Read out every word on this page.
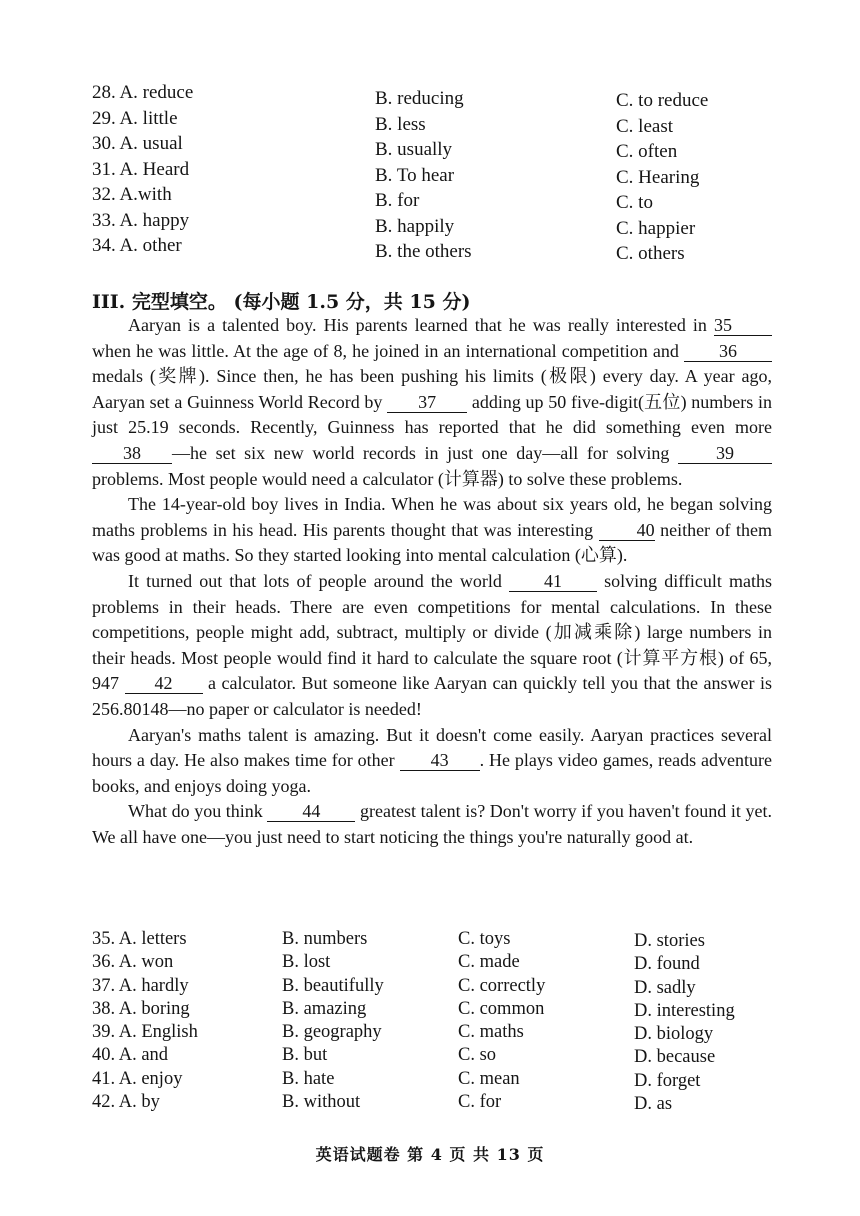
28. A. reduce	B. reducing	C. to reduce
29. A. little	B. less	C. least
30. A. usual	B. usually	C. often
31. A. Heard	B. To hear	C. Hearing
32. A.with	B. for	C. to
33. A. happy	B. happily	C. happier
34. A. other	B. the others	C. others
III. 完型填空。 (每小题 1.5 分，共 15 分)

Aaryan is a talented boy. His parents learned that he was really interested in 35 when he was little. At the age of 8, he joined in an international competition and 36 medals (奖牌). Since then, he has been pushing his limits (极限) every day. A year ago, Aaryan set a Guinness World Record by 37 adding up 50 five-digit(五位) numbers in just 25.19 seconds. Recently, Guinness has reported that he did something even more 38 —he set six new world records in just one day—all for solving 39 problems. Most people would need a calculator (计算器) to solve these problems.

The 14-year-old boy lives in India. When he was about six years old, he began solving maths problems in his head. His parents thought that was interesting 40 neither of them was good at maths. So they started looking into mental calculation (心算).

It turned out that lots of people around the world 41 solving difficult maths problems in their heads. There are even competitions for mental calculations. In these competitions, people might add, subtract, multiply or divide (加减乘除) large numbers in their heads. Most people would find it hard to calculate the square root (计算平方根) of 65, 947 42 a calculator. But someone like Aaryan can quickly tell you that the answer is 256.80148—no paper or calculator is needed!

Aaryan's maths talent is amazing. But it doesn't come easily. Aaryan practices several hours a day. He also makes time for other 43 . He plays video games, reads adventure books, and enjoys doing yoga.

What do you think 44 greatest talent is? Don't worry if you haven't found it yet. We all have one—you just need to start noticing the things you're naturally good at.

35. A. letters	B. numbers	C. toys	D. stories
36. A. won	B. lost	C. made	D. found
37. A. hardly	B. beautifully	C. correctly	D. sadly
38. A. boring	B. amazing	C. common	D. interesting
39. A. English	B. geography	C. maths	D. biology
40. A. and	B. but	C. so	D. because
41. A. enjoy	B. hate	C. mean	D. forget
42. A. by	B. without	C. for	D. as
英语试题卷 第 4 页 共 13 页
